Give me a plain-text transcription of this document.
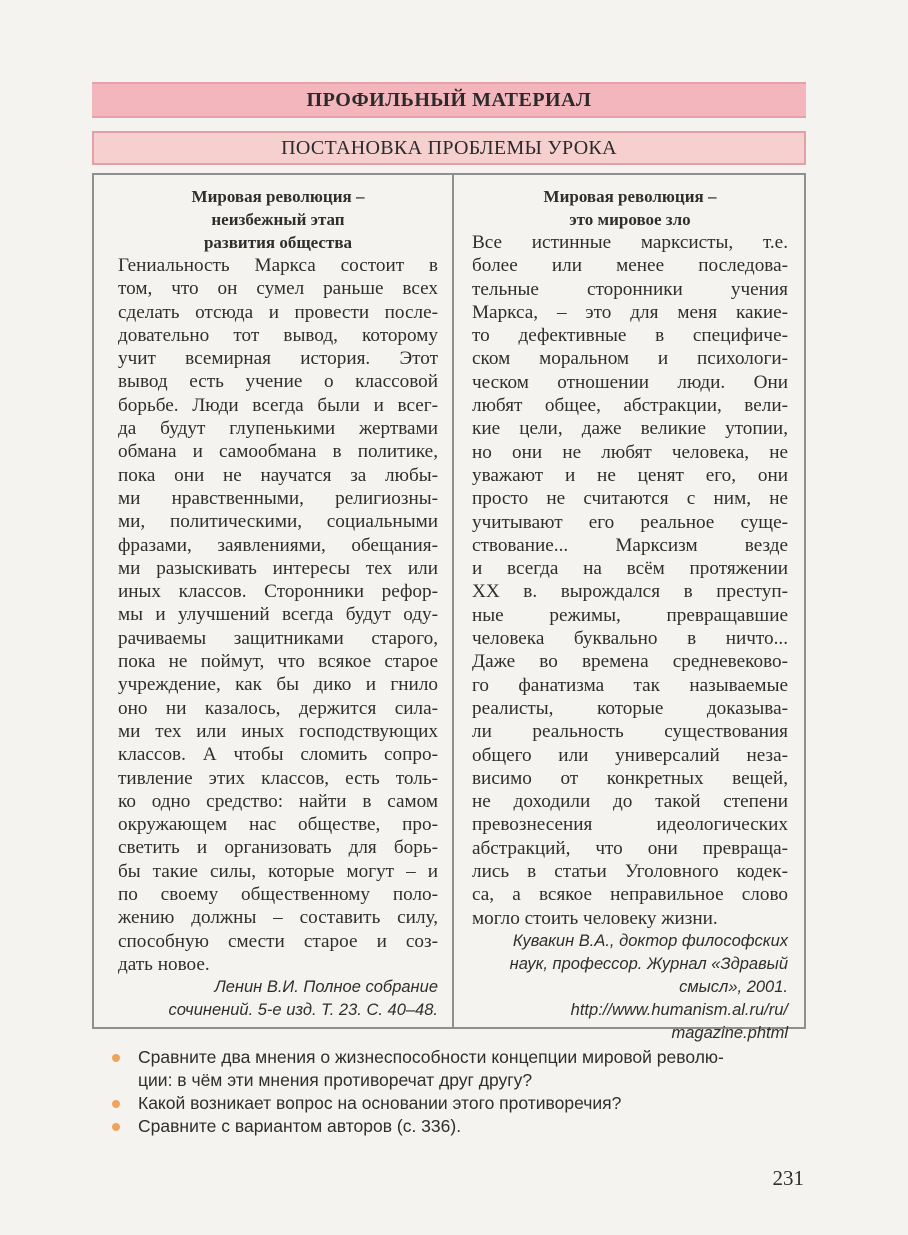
ПРОФИЛЬНЫЙ МАТЕРИАЛ
ПОСТАНОВКА ПРОБЛЕМЫ УРОКА

Мировая революция –
неизбежный этап
развития общества

Гениальность Маркса состоит в
том, что он сумел раньше всех
сделать отсюда и провести после-
довательно тот вывод, которому
учит всемирная история. Этот
вывод есть учение о классовой
борьбе. Люди всегда были и всег-
да будут глупенькими жертвами
обмана и самообмана в политике,
пока они не научатся за любы-
ми нравственными, религиозны-
ми, политическими, социальными
фразами, заявлениями, обещания-
ми разыскивать интересы тех или
иных классов. Сторонники рефор-
мы и улучшений всегда будут оду-
рачиваемы защитниками старого,
пока не поймут, что всякое старое
учреждение, как бы дико и гнило
оно ни казалось, держится сила-
ми тех или иных господствующих
классов. А чтобы сломить сопро-
тивление этих классов, есть толь-
ко одно средство: найти в самом
окружающем нас обществе, про-
светить и организовать для борь-
бы такие силы, которые могут – и
по своему общественному поло-
жению должны – составить силу,
способную смести старое и соз-
дать новое.

Ленин В.И. Полное собрание
сочинений. 5-е изд. Т. 23. С. 40–48.

Мировая революция –
это мировое зло

Все истинные марксисты, т.е.
более или менее последова-
тельные сторонники учения
Маркса, – это для меня какие-
то дефективные в специфиче-
ском моральном и психологи-
ческом отношении люди. Они
любят общее, абстракции, вели-
кие цели, даже великие утопии,
но они не любят человека, не
уважают и не ценят его, они
просто не считаются с ним, не
учитывают его реальное суще-
ствование... Марксизм везде
и всегда на всём протяжении
XX в. вырождался в преступ-
ные режимы, превращавшие
человека буквально в ничто...
Даже во времена средневеково-
го фанатизма так называемые
реалисты, которые доказыва-
ли реальность существования
общего или универсалий неза-
висимо от конкретных вещей,
не доходили до такой степени
превознесения идеологических
абстракций, что они превраща-
лись в статьи Уголовного кодек-
са, а всякое неправильное слово
могло стоить человеку жизни.

Кувакин В.А., доктор философских
наук, профессор. Журнал «Здравый
смысл», 2001.
http://www.humanism.al.ru/ru/
magazine.phtml

Сравните два мнения о жизнеспособности концепции мировой револю-
ции: в чём эти мнения противоречат друг другу?
Какой возникает вопрос на основании этого противоречия?
Сравните с вариантом авторов (с. 336).
231
